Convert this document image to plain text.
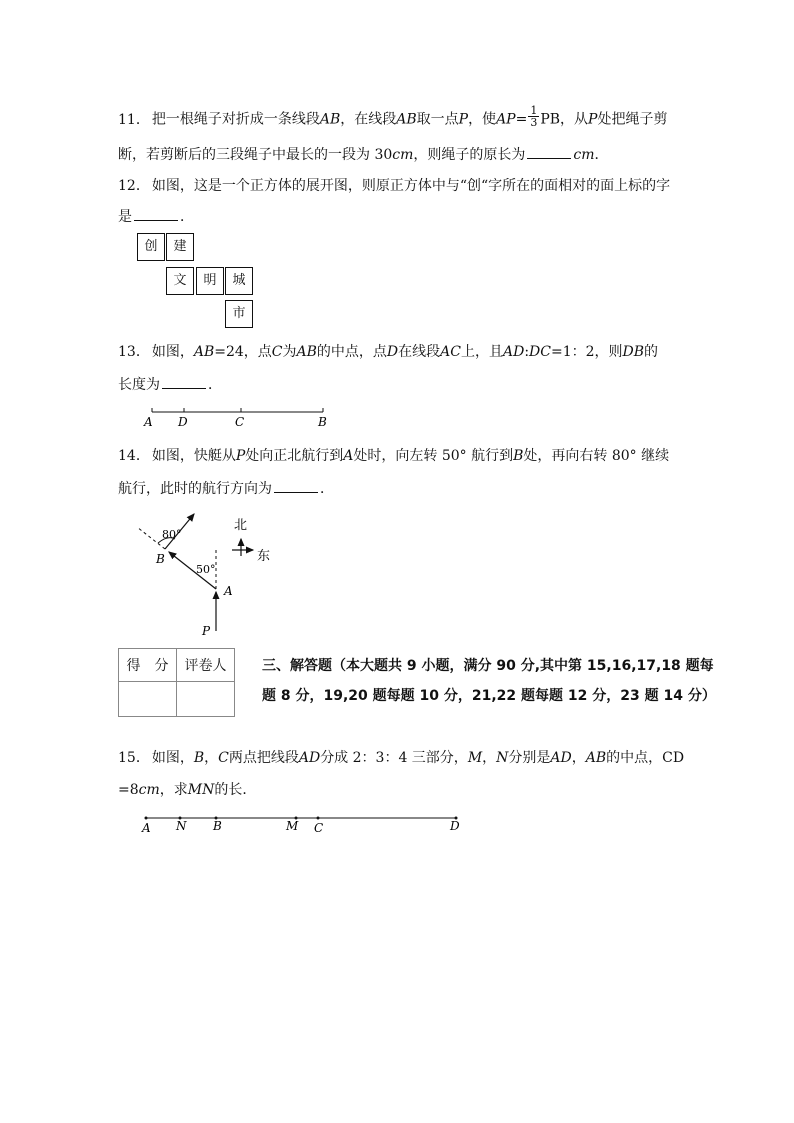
11． 把一根绳子对折成一条线段AB，在线段AB取一点P，使$AP= \frac{1}{3}$ PB，从P处把绳子剪
断，若剪断后的三段绳子中最长的一段为 30cm，则绳子的原长为	cm．
12． 如图，这是一个正方体的展开图，则原正方体中与“创“字所在的面相对的面上标的字
是	．
创	建
文	明	城
市
13． 如图，AB=24，点C为AB的中点，点D在线段AC上，且AD:DC=1：2，则DB的
长度为	．
A D	C	B
14． 如图，快艇从P处向正北航行到A处时，向左转 50° 航行到B处，再向右转 80° 继续
航行，此时的航行方向为	．
80°
50°
B
A
P
北
东
得　分	评卷人
		三、解答题（本大题共 9 小题，满分 90 分,其中第 15,16,17,18 题每
题 8 分，19,20 题每题 10 分，21,22 题每题 12 分，23 题 14 分）
15． 如图，B，C两点把线段AD分成 2：3：4 三部分，M，N分别是AD，AB的中点，CD
=8cm，求MN的长．
A N B	M C	D
